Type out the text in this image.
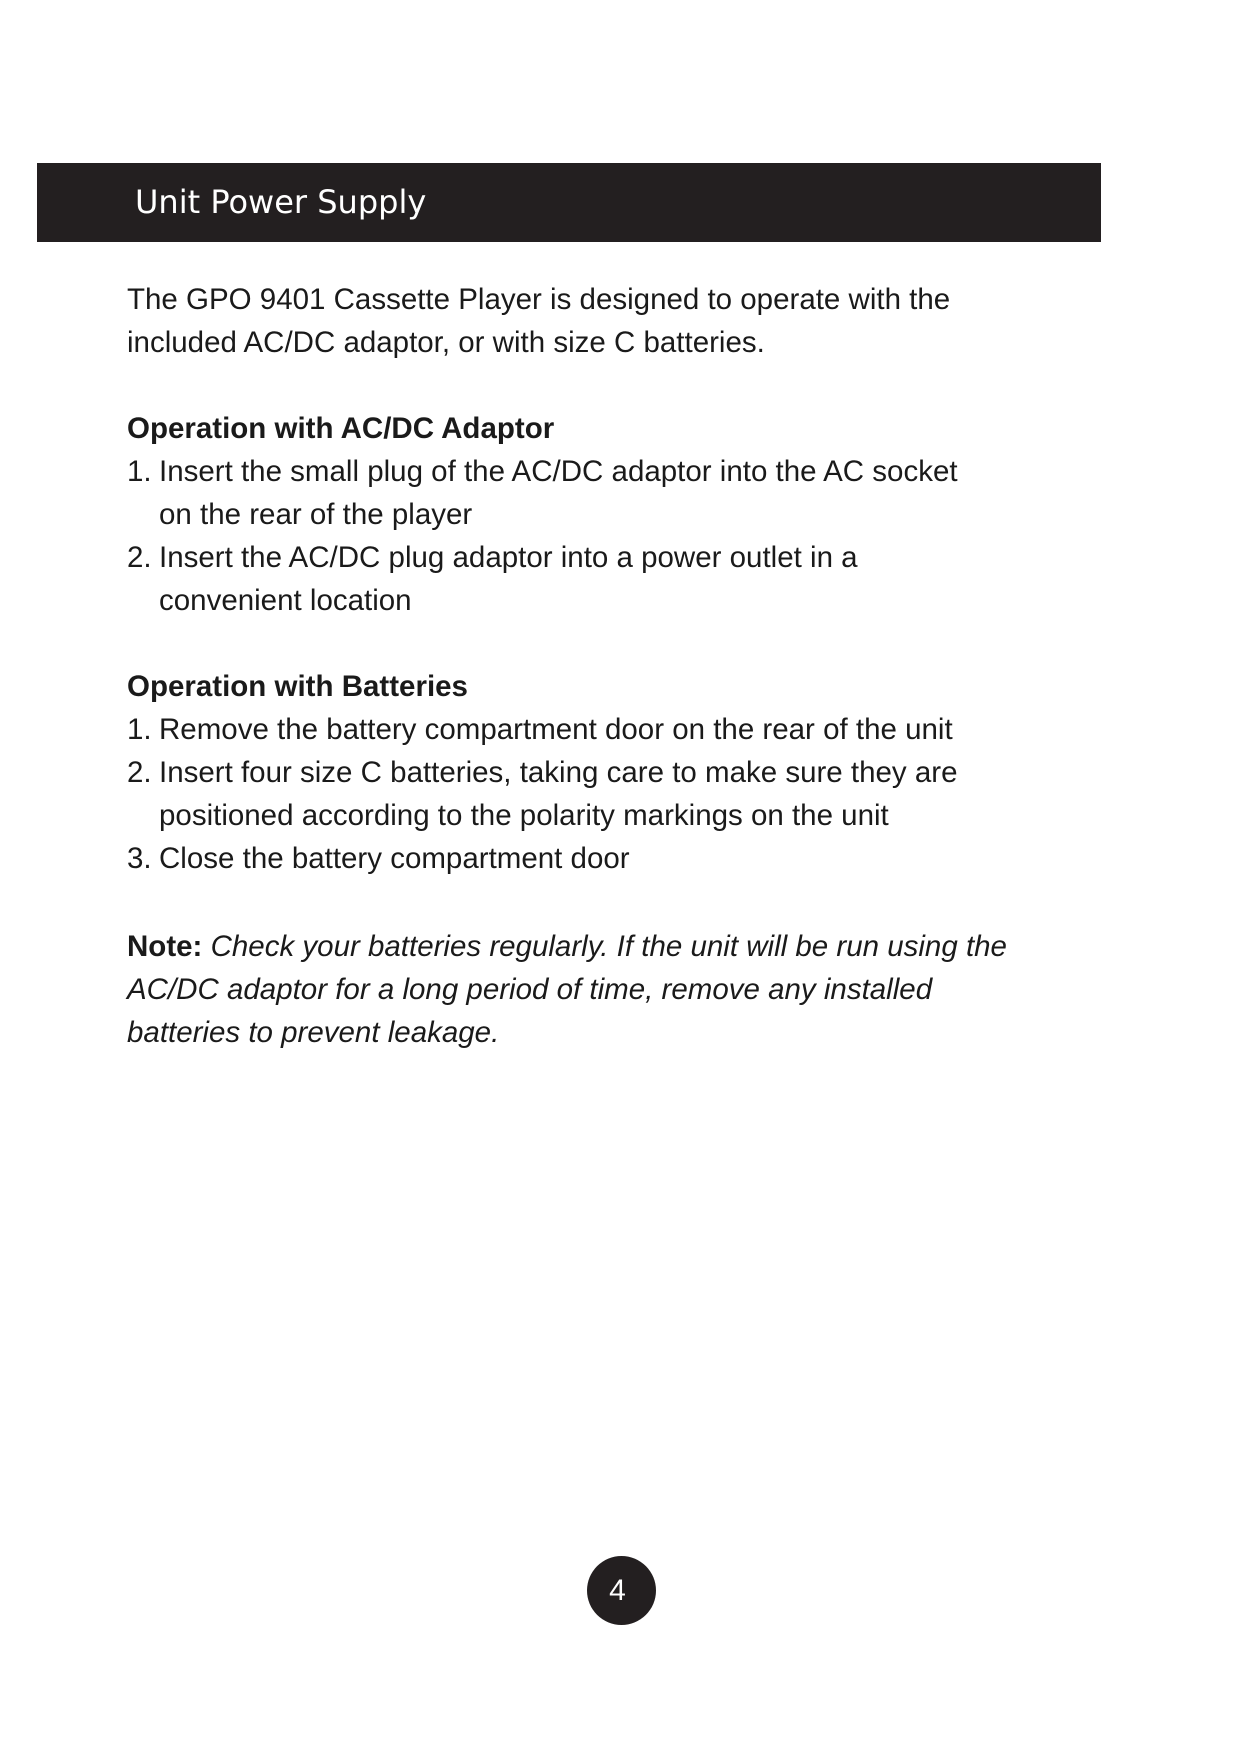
Unit Power Supply

The GPO 9401 Cassette Player is designed to operate with the

included AC/DC adaptor, or with size C batteries.

Operation with AC/DC Adaptor

1. Insert the small plug of the AC/DC adaptor into the AC socket
on the rear of the player
2. Insert the AC/DC plug adaptor into a power outlet in a
convenient location

Operation with Batteries

1. Remove the battery compartment door on the rear of the unit
2. Insert four size C batteries, taking care to make sure they are
positioned according to the polarity markings on the unit
3. Close the battery compartment door
Note: Check your batteries regularly. If the unit will be run using the
AC/DC adaptor for a long period of time, remove any installed
batteries to prevent leakage.
4
